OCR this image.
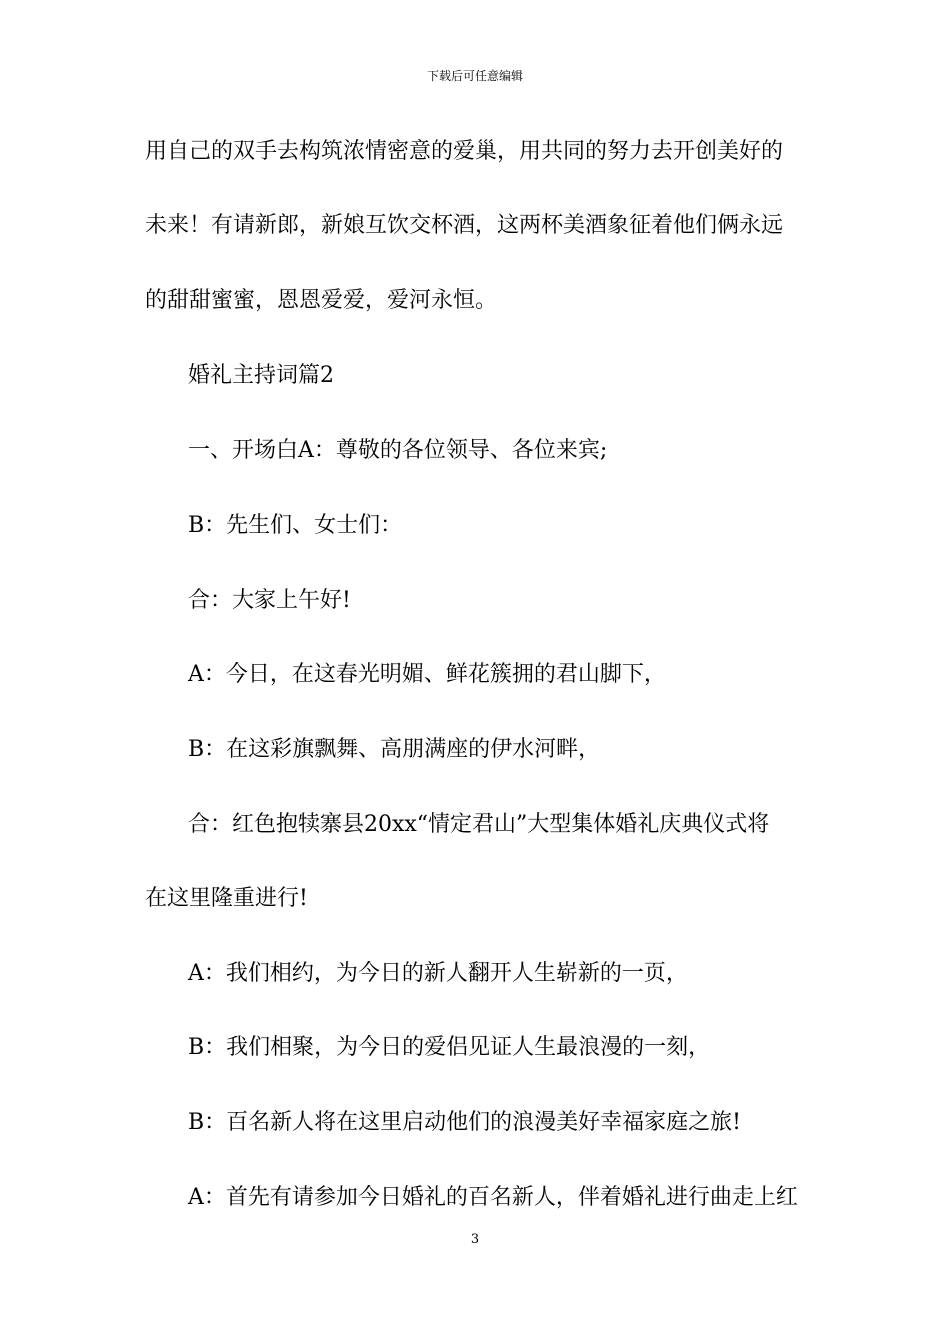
下载后可任意编辑
用自己的双手去构筑浓情密意的爱巢，用共同的努力去开创美好的
未来！有请新郎，新娘互饮交杯酒，这两杯美酒象征着他们俩永远
的甜甜蜜蜜，恩恩爱爱，爱河永恒。
婚礼主持词篇2
一、开场白A：尊敬的各位领导、各位来宾;
B：先生们、女士们：
合：大家上午好!
A：今日，在这春光明媚、鲜花簇拥的君山脚下，
B：在这彩旗飘舞、高朋满座的伊水河畔，
合：红色抱犊寨县20xx“情定君山”大型集体婚礼庆典仪式将
在这里隆重进行!
A：我们相约，为今日的新人翻开人生崭新的一页，
B：我们相聚，为今日的爱侣见证人生最浪漫的一刻，
B：百名新人将在这里启动他们的浪漫美好幸福家庭之旅!
A：首先有请参加今日婚礼的百名新人，伴着婚礼进行曲走上红
3
